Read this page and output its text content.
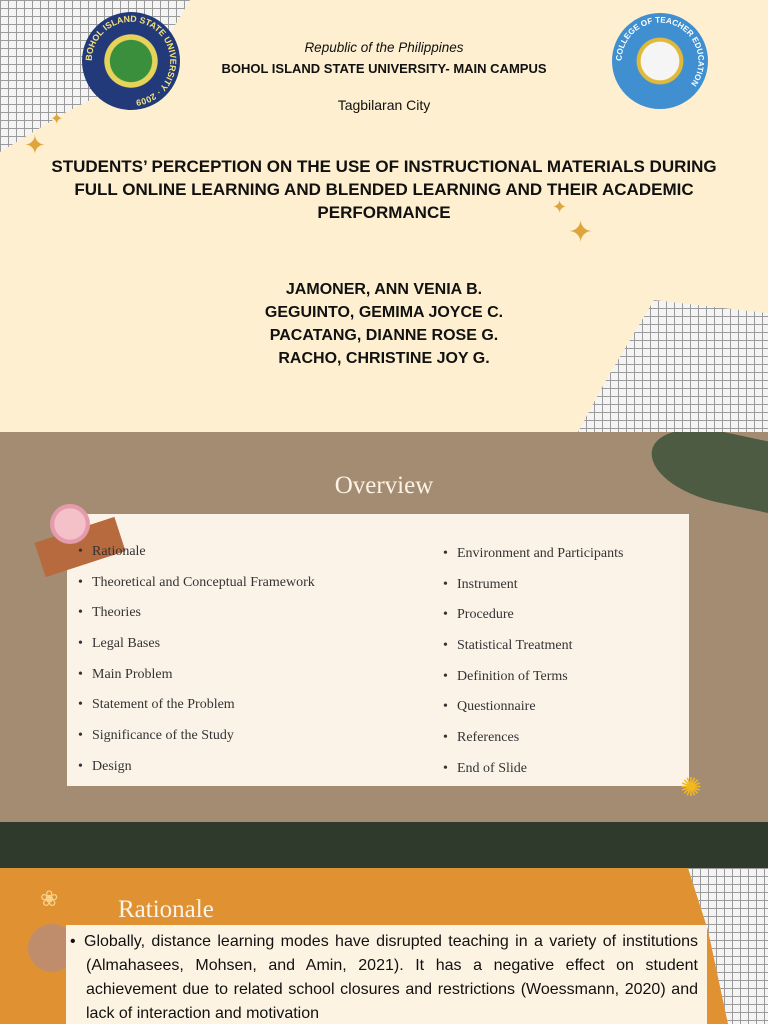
BOHOL ISLAND STATE UNIVERSITY · 2009
COLLEGE OF TEACHER EDUCATION
Republic of the Philippines
BOHOL ISLAND STATE UNIVERSITY- MAIN CAMPUS
Tagbilaran City
✦
✦
✦
✦
STUDENTS’ PERCEPTION ON THE USE OF INSTRUCTIONAL MATERIALS DURING FULL ONLINE LEARNING AND BLENDED LEARNING AND THEIR ACADEMIC PERFORMANCE
JAMONER, ANN VENIA B.
GEGUINTO, GEMIMA JOYCE C.
PACATANG, DIANNE ROSE G.
RACHO, CHRISTINE JOY G.
Overview
• Rationale
• Theoretical and Conceptual Framework
• Theories
• Legal Bases
• Main Problem
• Statement of the Problem
• Significance of the Study
• Design
• Environment and Participants
• Instrument
• Procedure
• Statistical Treatment
• Definition of Terms
• Questionnaire
• References
• End of Slide
✺
❀ Rationale
• Globally, distance learning modes have disrupted teaching in a variety of institutions (Almahasees, Mohsen, and Amin, 2021). It has a negative effect on student achievement due to related school closures and restrictions (Woessmann, 2020) and lack of interaction and motivation
